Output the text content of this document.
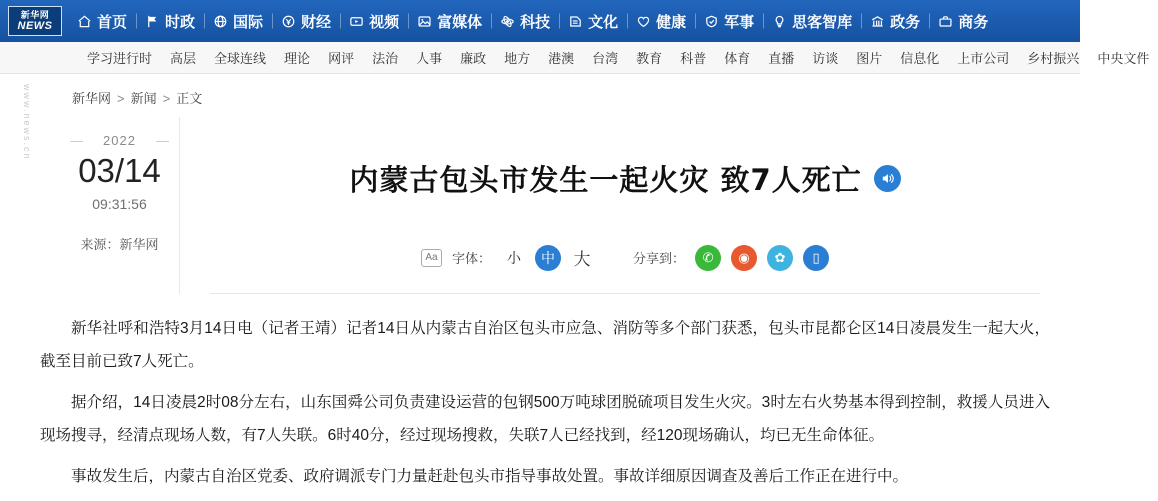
新华网
NEWS	首页	时政	国际	财经	视频	富媒体	科技	文化	健康	军事	思客智库	政务	商务
学习进行时	高层	全球连线	理论	网评	法治	人事	廉政	地方	港澳	台湾	教育	科普	体育	直播	访谈	图片	信息化	上市公司	乡村振兴	中央文件
www.news.cn	新华网 > 新闻 > 正文
2022
03/14
09:31:56
来源：新华网
内蒙古包头市发生一起火灾 致7人死亡
Aa	字体：	小	中	大	分享到：	✆	◉	✿	▯

新华社呼和浩特3月14日电（记者王靖）记者14日从内蒙古自治区包头市应急、消防等多个部门获悉，包头市昆都仑区14日凌晨发生一起大火，截至目前已致7人死亡。

据介绍，14日凌晨2时08分左右，山东国舜公司负责建设运营的包钢500万吨球团脱硫项目发生火灾。3时左右火势基本得到控制，救援人员进入现场搜寻，经清点现场人数，有7人失联。6时40分，经过现场搜救，失联7人已经找到，经120现场确认，均已无生命体征。

事故发生后，内蒙古自治区党委、政府调派专门力量赶赴包头市指导事故处置。事故详细原因调查及善后工作正在进行中。
